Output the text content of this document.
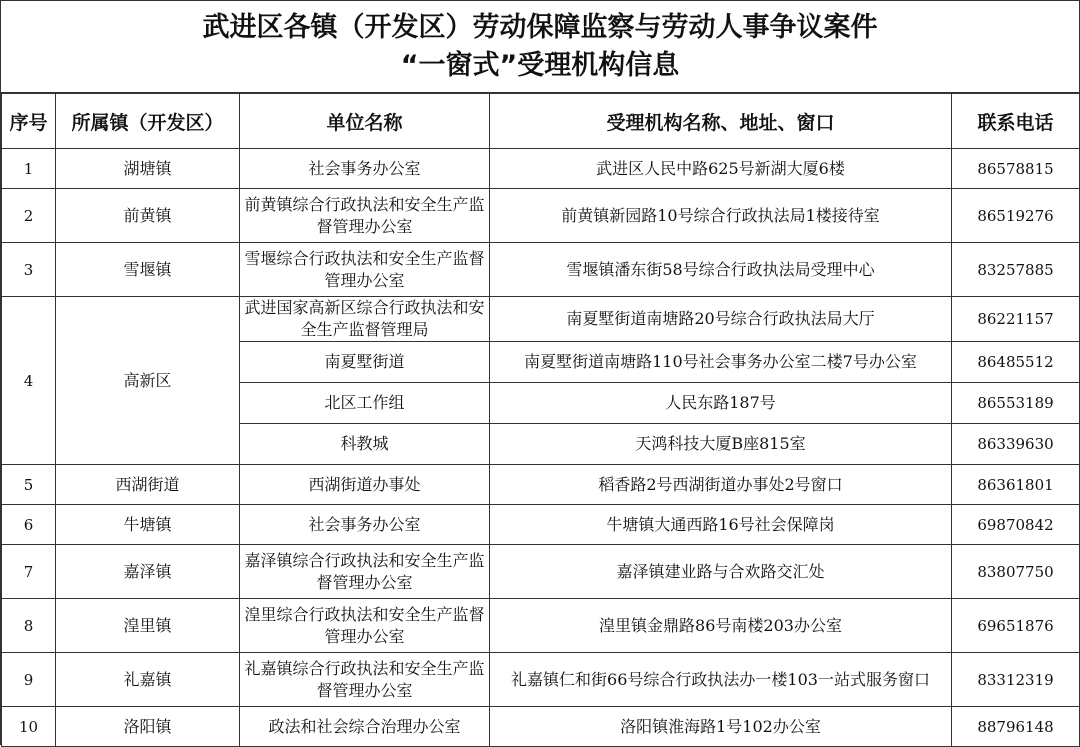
武进区各镇（开发区）劳动保障监察与劳动人事争议案件
“一窗式”受理机构信息
序号	所属镇（开发区）	单位名称	受理机构名称、地址、窗口	联系电话
1	湖塘镇	社会事务办公室	武进区人民中路625号新湖大厦6楼	86578815
2	前黄镇	前黄镇综合行政执法和安全生产监督管理办公室	前黄镇新园路10号综合行政执法局1楼接待室	86519276
3	雪堰镇	雪堰综合行政执法和安全生产监督管理办公室	雪堰镇潘东街58号综合行政执法局受理中心	83257885
4	高新区	武进国家高新区综合行政执法和安全生产监督管理局	南夏墅街道南塘路20号综合行政执法局大厅	86221157
		南夏墅街道	南夏墅街道南塘路110号社会事务办公室二楼7号办公室	86485512
		北区工作组	人民东路187号	86553189
		科教城	天鸿科技大厦B座815室	86339630
5	西湖街道	西湖街道办事处	稻香路2号西湖街道办事处2号窗口	86361801
6	牛塘镇	社会事务办公室	牛塘镇大通西路16号社会保障岗	69870842
7	嘉泽镇	嘉泽镇综合行政执法和安全生产监督管理办公室	嘉泽镇建业路与合欢路交汇处	83807750
8	湟里镇	湟里综合行政执法和安全生产监督管理办公室	湟里镇金鼎路86号南楼203办公室	69651876
9	礼嘉镇	礼嘉镇综合行政执法和安全生产监督管理办公室	礼嘉镇仁和街66号综合行政执法办一楼103一站式服务窗口	83312319
10	洛阳镇	政法和社会综合治理办公室	洛阳镇淮海路1号102办公室	88796148
